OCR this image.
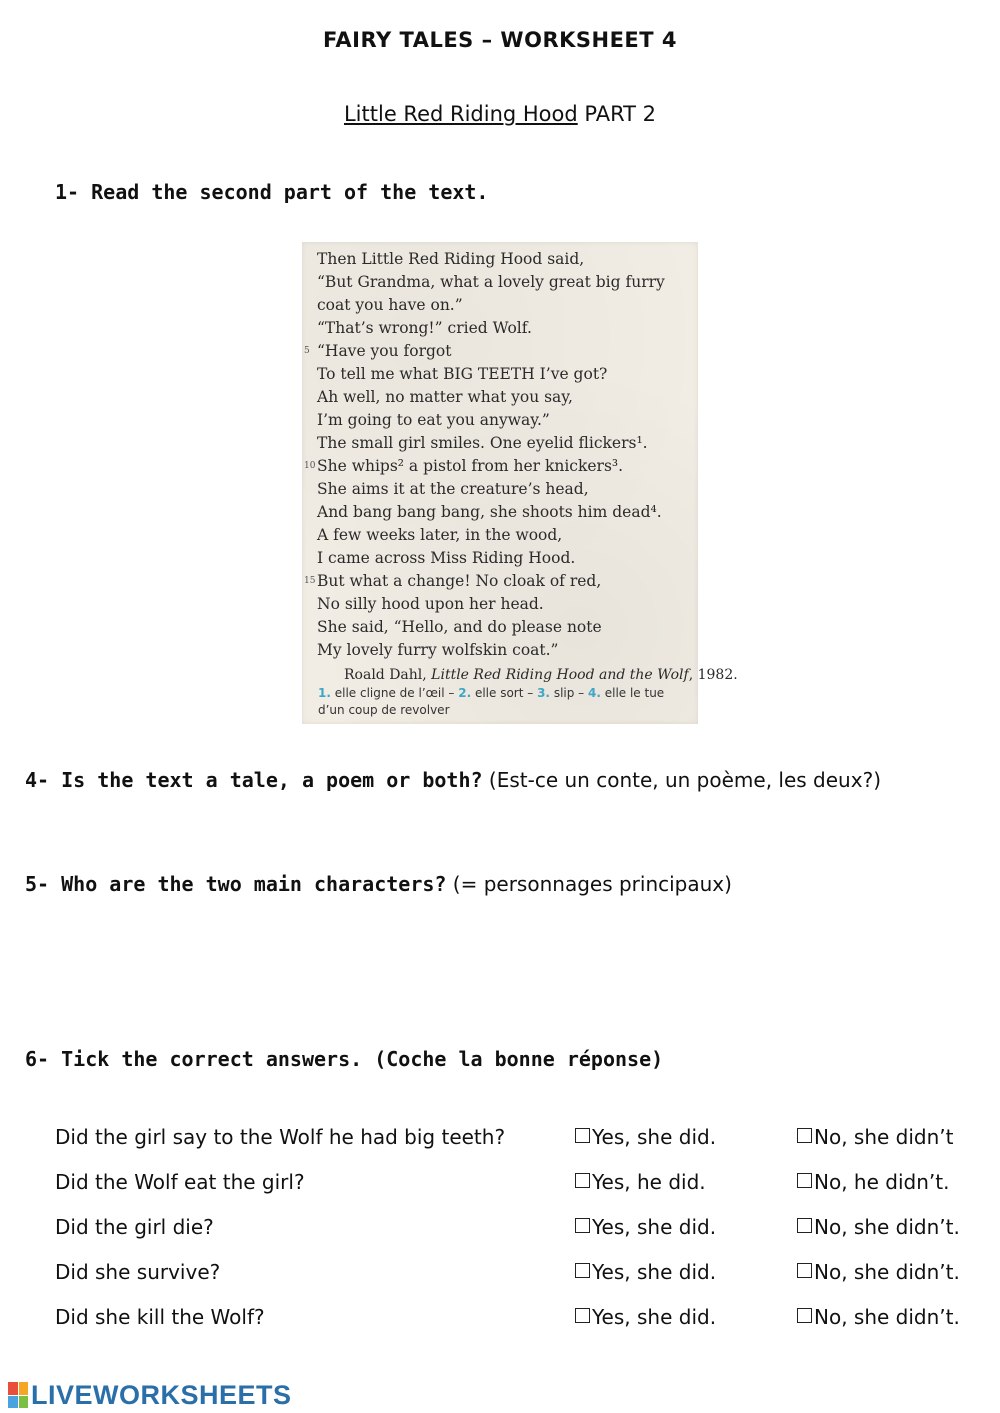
FAIRY TALES – WORKSHEET 4
Little Red Riding Hood PART 2
1- Read the second part of the text.
Then Little Red Riding Hood said,
“But Grandma, what a lovely great big furry
coat you have on.”
“That’s wrong!” cried Wolf.
5 “Have you forgot
To tell me what BIG TEETH I’ve got?
Ah well, no matter what you say,
I’m going to eat you anyway.”
The small girl smiles. One eyelid flickers¹.
10 She whips² a pistol from her knickers³.
She aims it at the creature’s head,
And bang bang bang, she shoots him dead⁴.
A few weeks later, in the wood,
I came across Miss Riding Hood.
15 But what a change! No cloak of red,
No silly hood upon her head.
She said, “Hello, and do please note
My lovely furry wolfskin coat.”
Roald Dahl, Little Red Riding Hood and the Wolf, 1982.
1. elle cligne de l’œil – 2. elle sort – 3. slip – 4. elle le tue d’un coup de revolver
4- Is the text a tale, a poem or both? (Est-ce un conte, un poème, les deux?)
5- Who are the two main characters? (= personnages principaux)
6- Tick the correct answers. (Coche la bonne réponse)
Did the girl say to the Wolf he had big teeth?	Yes, she did.	No, she didn’t
Did the Wolf eat the girl?	Yes, he did.	No, he didn’t.
Did the girl die?	Yes, she did.	No, she didn’t.
Did she survive?	Yes, she did.	No, she didn’t.
Did she kill the Wolf?	Yes, she did.	No, she didn’t.
LIVEWORKSHEETS
